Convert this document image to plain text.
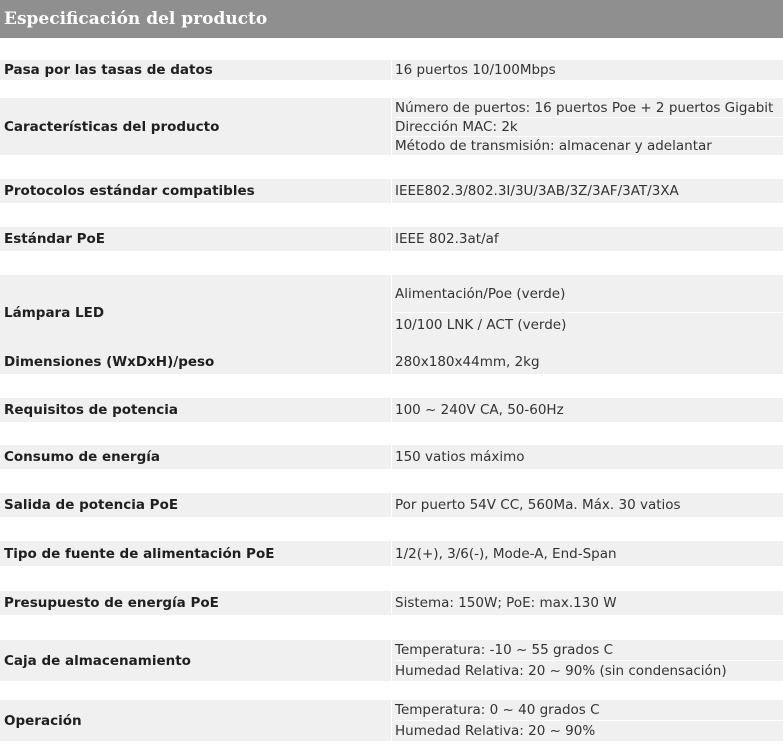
Especificación del producto

Pasa por las tasas de datos	16 puertos 10/100Mbps

Características del producto	Número de puertos: 16 puertos Poe + 2 puertos Gigabit
Dirección MAC: 2k
Método de transmisión: almacenar y adelantar

Protocolos estándar compatibles	IEEE802.3/802.3I/3U/3AB/3Z/3AF/3AT/3XA

Estándar PoE	IEEE 802.3at/af

Lámpara LED	Alimentación/Poe (verde)
10/100 LNK / ACT (verde)

Dimensiones (WxDxH)/peso	280x180x44mm, 2kg

Requisitos de potencia	100 ~ 240V CA, 50-60Hz

Consumo de energía	150 vatios máximo

Salida de potencia PoE	Por puerto 54V CC, 560Ma. Máx. 30 vatios

Tipo de fuente de alimentación PoE	1/2(+), 3/6(-), Mode-A, End-Span

Presupuesto de energía PoE	Sistema: 150W; PoE: max.130 W

Caja de almacenamiento	Temperatura: -10 ~ 55 grados C
Humedad Relativa: 20 ~ 90% (sin condensación)

Operación	Temperatura: 0 ~ 40 grados C
Humedad Relativa: 20 ~ 90%
